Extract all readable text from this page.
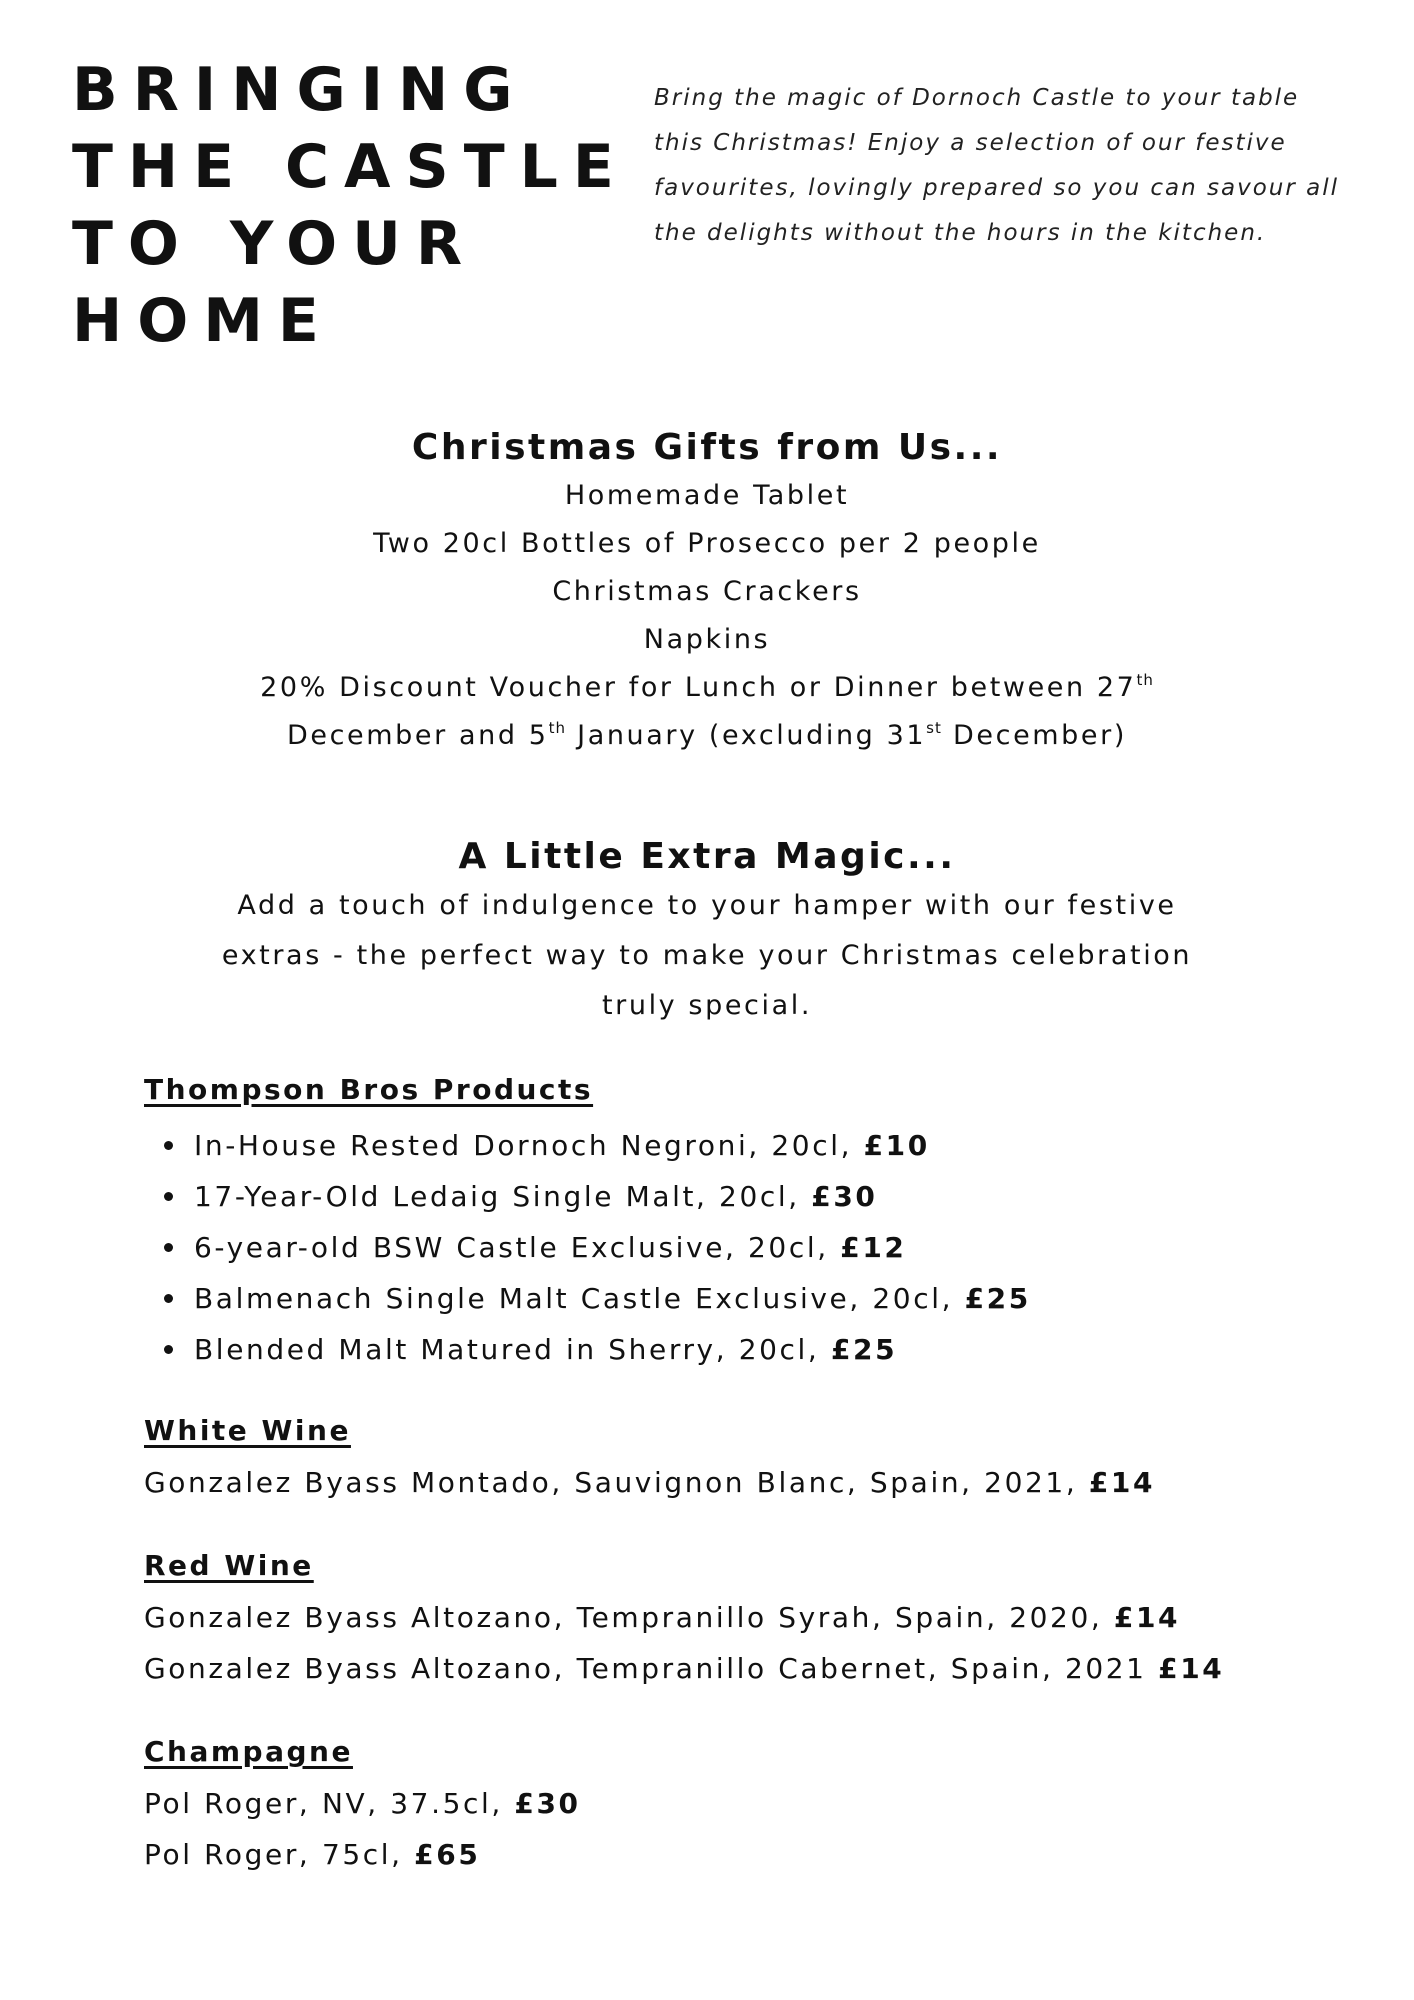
BRINGING
THE CASTLE
TO YOUR
HOME

Bring the magic of Dornoch Castle to your table
this Christmas! Enjoy a selection of our festive
favourites, lovingly prepared so you can savour all
the delights without the hours in the kitchen.

Christmas Gifts from Us...
Homemade Tablet
Two 20cl Bottles of Prosecco per 2 people
Christmas Crackers
Napkins
20% Discount Voucher for Lunch or Dinner between 27th
December and 5th January (excluding 31st December)
A Little Extra Magic...
Add a touch of indulgence to your hamper with our festive
extras - the perfect way to make your Christmas celebration
truly special.
Thompson Bros Products
In-House Rested Dornoch Negroni, 20cl, £10
17-Year-Old Ledaig Single Malt, 20cl, £30
6-year-old BSW Castle Exclusive, 20cl, £12
Balmenach Single Malt Castle Exclusive, 20cl, £25
Blended Malt Matured in Sherry, 20cl, £25
White Wine

Gonzalez Byass Montado, Sauvignon Blanc, Spain, 2021, £14

Red Wine

Gonzalez Byass Altozano, Tempranillo Syrah, Spain, 2020, £14

Gonzalez Byass Altozano, Tempranillo Cabernet, Spain, 2021 £14

Champagne

Pol Roger, NV, 37.5cl, £30

Pol Roger, 75cl, £65
